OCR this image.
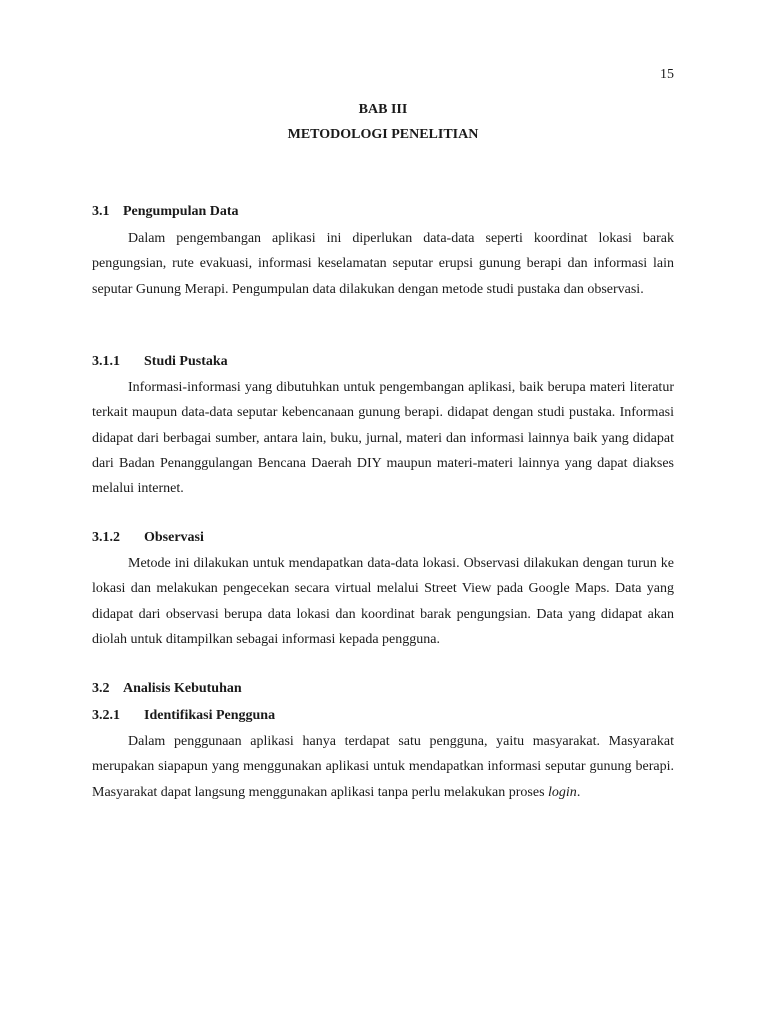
15
BAB III
METODOLOGI PENELITIAN
3.1 Pengumpulan Data

Dalam pengembangan aplikasi ini diperlukan data-data seperti koordinat lokasi barak pengungsian, rute evakuasi, informasi keselamatan seputar erupsi gunung berapi dan informasi lain seputar Gunung Merapi. Pengumpulan data dilakukan dengan metode studi pustaka dan observasi.

3.1.1 Studi Pustaka

Informasi-informasi yang dibutuhkan untuk pengembangan aplikasi, baik berupa materi literatur terkait maupun data-data seputar kebencanaan gunung berapi. didapat dengan studi pustaka. Informasi didapat dari berbagai sumber, antara lain, buku, jurnal, materi dan informasi lainnya baik yang didapat dari Badan Penanggulangan Bencana Daerah DIY maupun materi-materi lainnya yang dapat diakses melalui internet.

3.1.2 Observasi

Metode ini dilakukan untuk mendapatkan data-data lokasi. Observasi dilakukan dengan turun ke lokasi dan melakukan pengecekan secara virtual melalui Street View pada Google Maps. Data yang didapat dari observasi berupa data lokasi dan koordinat barak pengungsian. Data yang didapat akan diolah untuk ditampilkan sebagai informasi kepada pengguna.

3.2 Analisis Kebutuhan
3.2.1 Identifikasi Pengguna

Dalam penggunaan aplikasi hanya terdapat satu pengguna, yaitu masyarakat. Masyarakat merupakan siapapun yang menggunakan aplikasi untuk mendapatkan informasi seputar gunung berapi. Masyarakat dapat langsung menggunakan aplikasi tanpa perlu melakukan proses login.
